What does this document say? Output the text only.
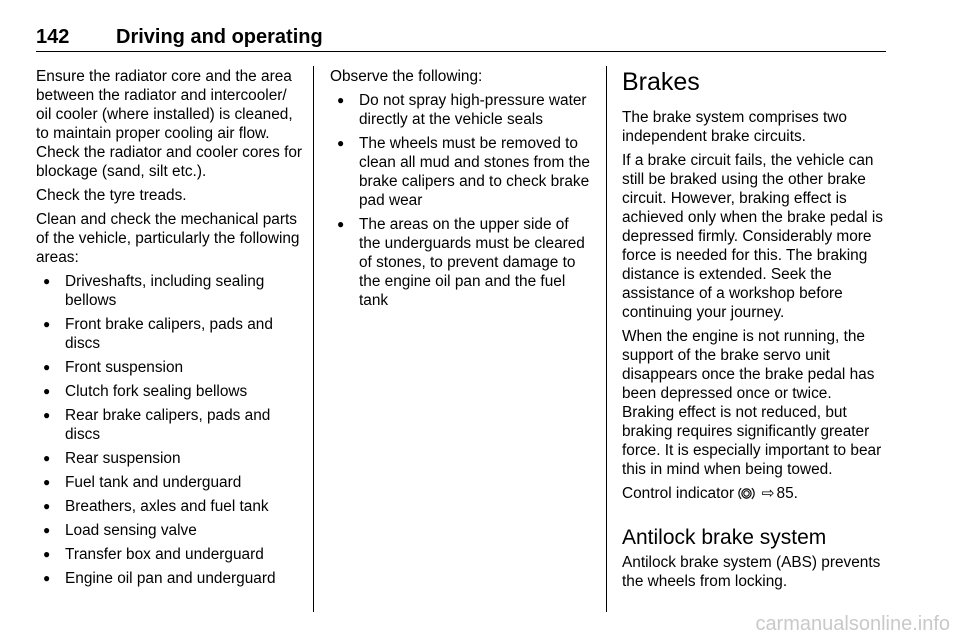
142 Driving and operating

Ensure the radiator core and the area between the radiator and intercooler/ oil cooler (where installed) is cleaned, to maintain proper cooling air flow. Check the radiator and cooler cores for blockage (sand, silt etc.).

Check the tyre treads.

Clean and check the mechanical parts of the vehicle, particularly the following areas:

● Driveshafts, including sealing bellows
● Front brake calipers, pads and discs
● Front suspension
● Clutch fork sealing bellows
● Rear brake calipers, pads and discs
● Rear suspension
● Fuel tank and underguard
● Breathers, axles and fuel tank
● Load sensing valve
● Transfer box and underguard
● Engine oil pan and underguard

Observe the following:

● Do not spray high-pressure water directly at the vehicle seals
● The wheels must be removed to clean all mud and stones from the brake calipers and to check brake pad wear
● The areas on the upper side of the underguards must be cleared of stones, to prevent damage to the engine oil pan and the fuel tank
Brakes

The brake system comprises two independent brake circuits.

If a brake circuit fails, the vehicle can still be braked using the other brake circuit. However, braking effect is achieved only when the brake pedal is depressed firmly. Considerably more force is needed for this. The braking distance is extended. Seek the assistance of a workshop before continuing your journey.

When the engine is not running, the support of the brake servo unit disappears once the brake pedal has been depressed once or twice. Braking effect is not reduced, but braking requires significantly greater force. It is especially important to bear this in mind when being towed.

Control indicator ⇨ 85.

Antilock brake system

Antilock brake system (ABS) prevents the wheels from locking.

carmanualsonline.info
